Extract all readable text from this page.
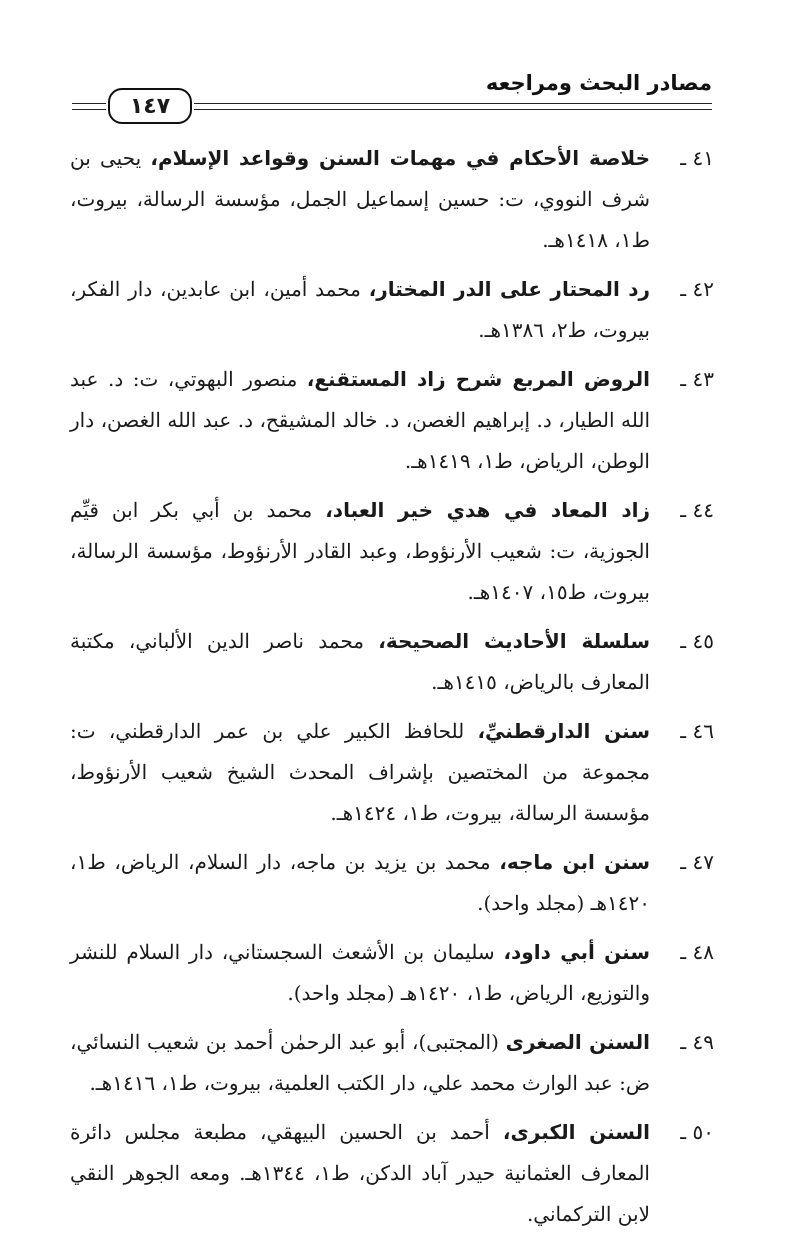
مصادر البحث ومراجعه
١٤٧
٤١ ـ
خلاصة الأحكام في مهمات السنن وقواعد الإسلام، يحيى بن شرف النووي، ت: حسين إسماعيل الجمل، مؤسسة الرسالة، بيروت، ط١، ١٤١٨هـ.
٤٢ ـ
رد المحتار على الدر المختار، محمد أمين، ابن عابدين، دار الفكر، بيروت، ط٢، ١٣٨٦هـ.
٤٣ ـ
الروض المربع شرح زاد المستقنع، منصور البهوتي، ت: د. عبد الله الطيار، د. إبراهيم الغصن، د. خالد المشيقح، د. عبد الله الغصن، دار الوطن، الرياض، ط١، ١٤١٩هـ.
٤٤ ـ
زاد المعاد في هدي خير العباد، محمد بن أبي بكر ابن قيِّم الجوزية، ت: شعيب الأرنؤوط، وعبد القادر الأرنؤوط، مؤسسة الرسالة، بيروت، ط١٥، ١٤٠٧هـ.
٤٥ ـ
سلسلة الأحاديث الصحيحة، محمد ناصر الدين الألباني، مكتبة المعارف بالرياض، ١٤١٥هـ.
٤٦ ـ
سنن الدارقطنيِّ، للحافظ الكبير علي بن عمر الدارقطني، ت: مجموعة من المختصين بإشراف المحدث الشيخ شعيب الأرنؤوط، مؤسسة الرسالة، بيروت، ط١، ١٤٢٤هـ.
٤٧ ـ
سنن ابن ماجه، محمد بن يزيد بن ماجه، دار السلام، الرياض، ط١، ١٤٢٠هـ (مجلد واحد).
٤٨ ـ
سنن أبي داود، سليمان بن الأشعث السجستاني، دار السلام للنشر والتوزيع، الرياض، ط١، ١٤٢٠هـ (مجلد واحد).
٤٩ ـ
السنن الصغرى (المجتبى)، أبو عبد الرحمٰن أحمد بن شعيب النسائي، ض: عبد الوارث محمد علي، دار الكتب العلمية، بيروت، ط١، ١٤١٦هـ.
٥٠ ـ
السنن الكبرى، أحمد بن الحسين البيهقي، مطبعة مجلس دائرة المعارف العثمانية حيدر آباد الدكن، ط١، ١٣٤٤هـ. ومعه الجوهر النقي لابن التركماني.
